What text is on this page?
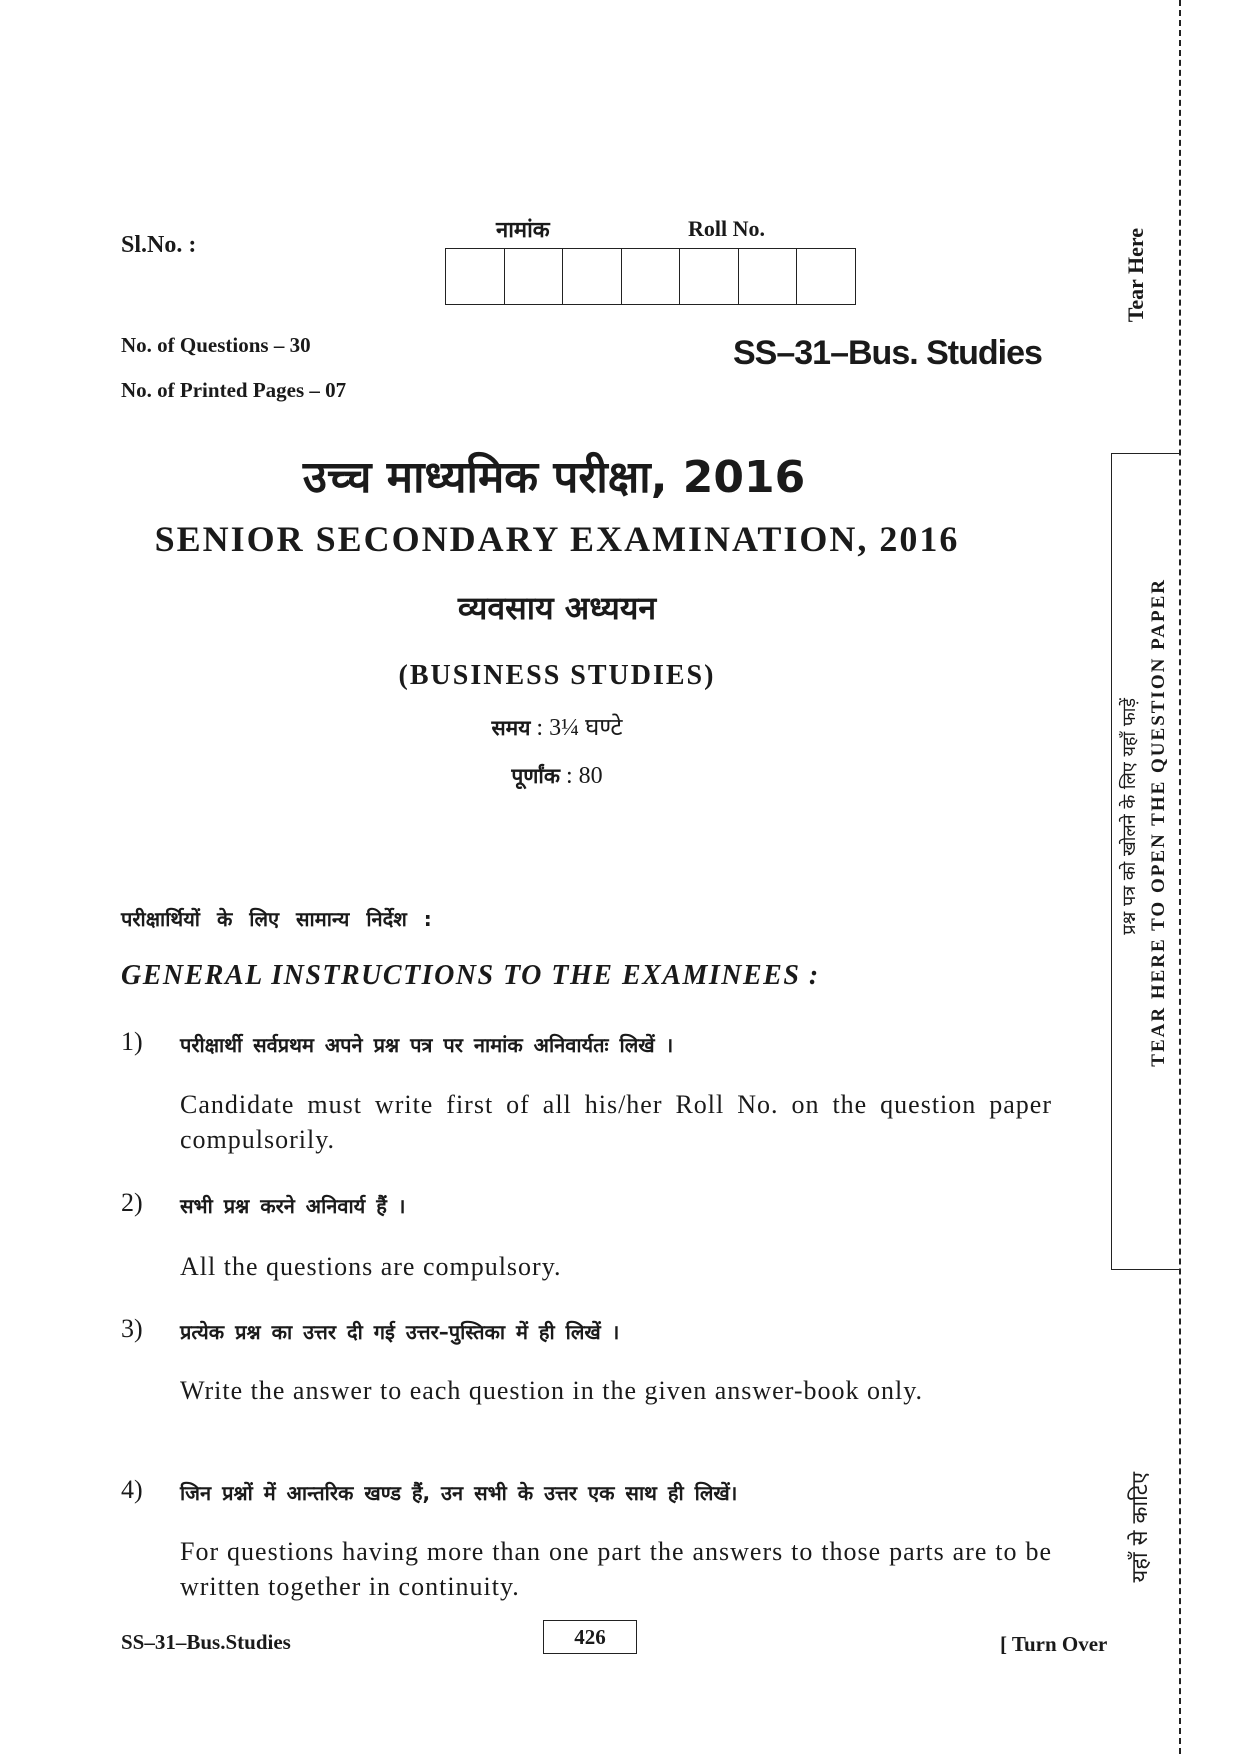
Sl.No. :
नामांक	Roll No.
No. of Questions – 30
No. of Printed Pages – 07
SS–31–Bus. Studies
उच्च माध्यमिक परीक्षा, 2016
SENIOR SECONDARY EXAMINATION, 2016
व्यवसाय अध्ययन
(BUSINESS STUDIES)
समय : 3¼ घण्टे
पूर्णांक : 80
परीक्षार्थियों के लिए सामान्य निर्देश :
GENERAL INSTRUCTIONS TO THE EXAMINEES :
1) परीक्षार्थी सर्वप्रथम अपने प्रश्न पत्र पर नामांक अनिवार्यतः लिखें ।
Candidate must write first of all his/her Roll No. on the question paper compulsorily.
2) सभी प्रश्न करने अनिवार्य हैं ।
All the questions are compulsory.
3) प्रत्येक प्रश्न का उत्तर दी गई उत्तर–पुस्तिका में ही लिखें ।
Write the answer to each question in the given answer-book only.
4) जिन प्रश्नों में आन्तरिक खण्ड हैं, उन सभी के उत्तर एक साथ ही लिखें।
For questions having more than one part the answers to those parts are to be written together in continuity.
SS–31–Bus.Studies	426	[ Turn Over
Tear Here
TEAR HERE TO OPEN THE QUESTION PAPER
प्रश्न पत्र को खोलने के लिए यहाँ फाड़ें
यहाँ से काटिए
